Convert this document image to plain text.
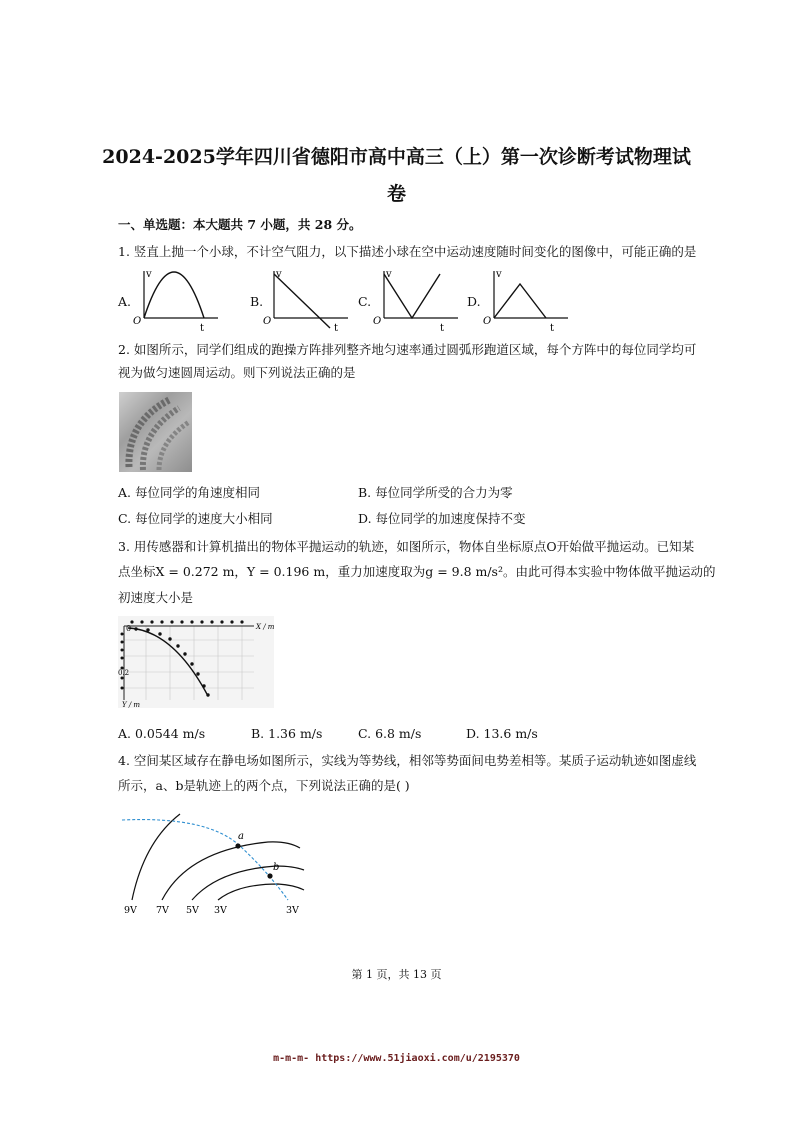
2024-2025学年四川省德阳市高中高三（上）第一次诊断考试物理试
卷
一、单选题：本大题共 7 小题，共 28 分。
1. 竖直上抛一个小球，不计空气阻力，以下描述小球在空中运动速度随时间变化的图像中，可能正确的是
A.
v
t
O
B.
v
t
O
C.
v
t
O
D.
v
t
O
2. 如图所示，同学们组成的跑操方阵排列整齐地匀速率通过圆弧形跑道区域，每个方阵中的每位同学均可
视为做匀速圆周运动。则下列说法正确的是
A. 每位同学的角速度相同	B. 每位同学所受的合力为零
C. 每位同学的速度大小相同	D. 每位同学的加速度保持不变
3. 用传感器和计算机描出的物体平抛运动的轨迹，如图所示，物体自坐标原点O开始做平抛运动。已知某
点坐标X = 0.272 m，Y = 0.196 m，重力加速度取为g = 9.8 m/s²。由此可得本实验中物体做平抛运动的
初速度大小是
0	X / m
Y / m
0.2
A. 0.0544 m/s	B. 1.36 m/s	C. 6.8 m/s	D. 13.6 m/s
4. 空间某区域存在静电场如图所示，实线为等势线，相邻等势面间电势差相等。某质子运动轨迹如图虚线
所示，a、b是轨迹上的两个点，下列说法正确的是( )
a
b
9V 7V 5V 3V	3V
第 1 页，共 13 页
m-m-m- https://www.51jiaoxi.com/u/2195370
